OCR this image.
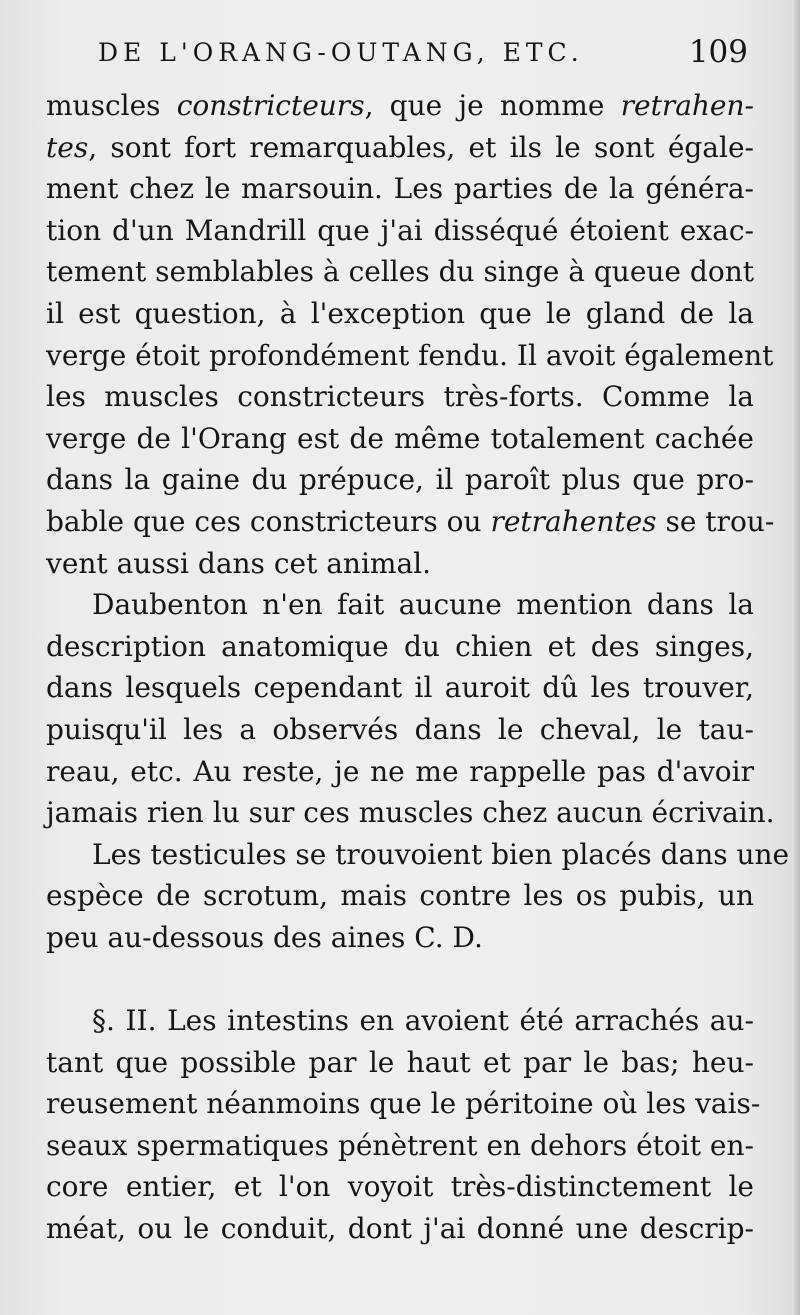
DE L'ORANG-OUTANG, ETC.	109
muscles constricteurs, que je nomme retrahen-
tes, sont fort remarquables, et ils le sont égale-
ment chez le marsouin. Les parties de la généra-
tion d'un Mandrill que j'ai disséqué étoient exac-
tement semblables à celles du singe à queue dont
il est question, à l'exception que le gland de la
verge étoit profondément fendu. Il avoit également
les muscles constricteurs très-forts. Comme la
verge de l'Orang est de même totalement cachée
dans la gaine du prépuce, il paroît plus que pro-
bable que ces constricteurs ou retrahentes se trou-
vent aussi dans cet animal.
Daubenton n'en fait aucune mention dans la
description anatomique du chien et des singes,
dans lesquels cependant il auroit dû les trouver,
puisqu'il les a observés dans le cheval, le tau-
reau, etc. Au reste, je ne me rappelle pas d'avoir
jamais rien lu sur ces muscles chez aucun écrivain.
Les testicules se trouvoient bien placés dans une
espèce de scrotum, mais contre les os pubis, un
peu au-dessous des aines C. D.
§. II. Les intestins en avoient été arrachés au-
tant que possible par le haut et par le bas; heu-
reusement néanmoins que le péritoine où les vais-
seaux spermatiques pénètrent en dehors étoit en-
core entier, et l'on voyoit très-distinctement le
méat, ou le conduit, dont j'ai donné une descrip-
